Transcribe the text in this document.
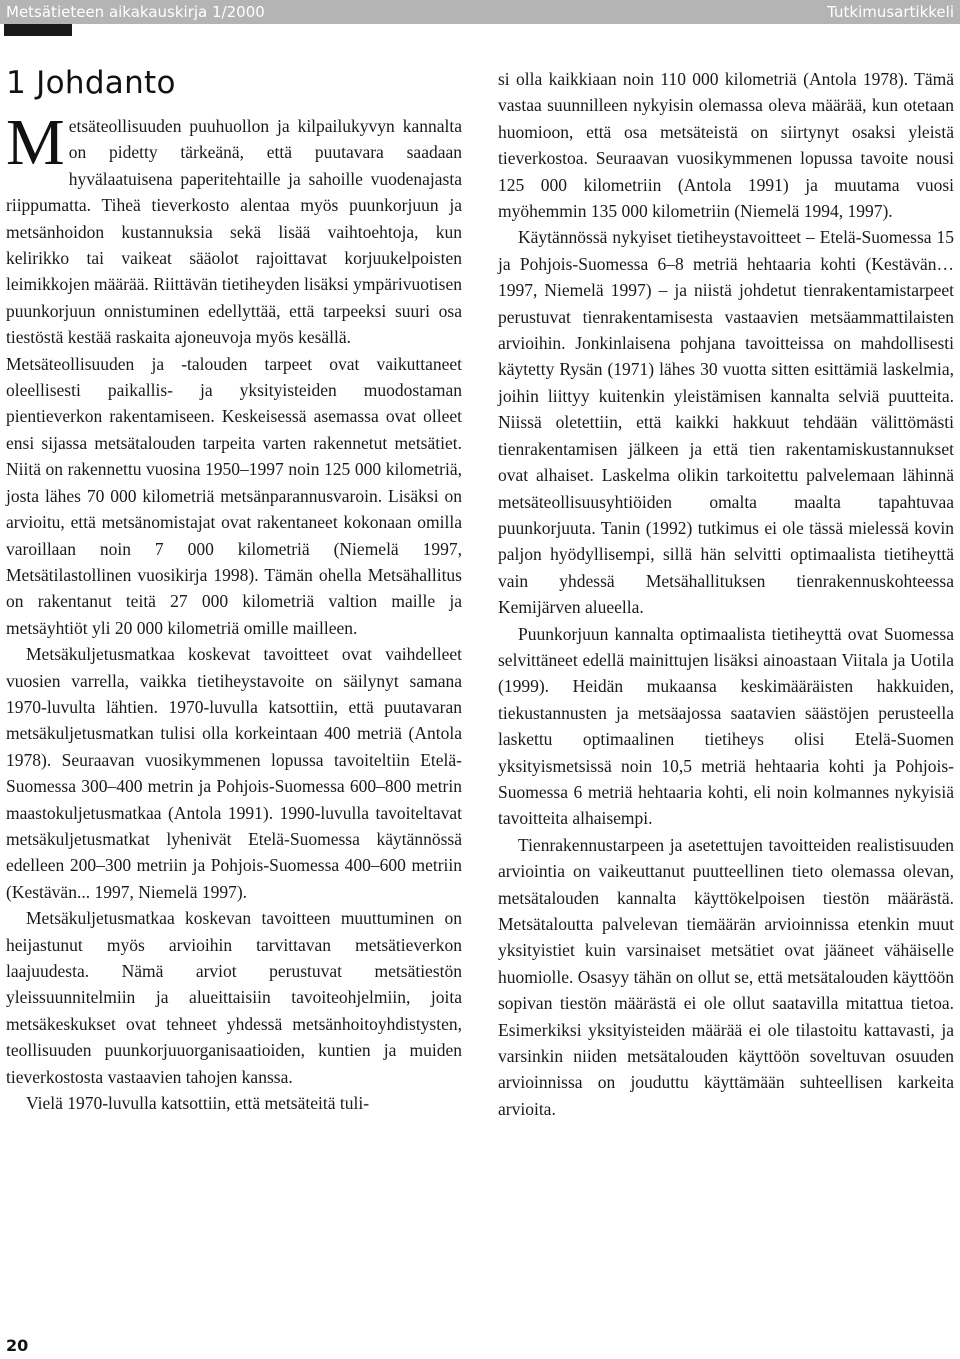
Metsätieteen aikakauskirja 1/2000	Tutkimusartikkeli
1 Johdanto

Metsäteollisuuden puuhuollon ja kilpailukyvyn kannalta on pidetty tärkeänä, että puutavara saadaan hyvälaatuisena paperitehtaille ja sahoille vuodenajasta riippumatta. Tiheä tieverkosto alentaa myös puunkorjuun ja metsänhoidon kustannuksia sekä lisää vaihtoehtoja, kun kelirikko tai vaikeat sääolot rajoittavat korjuukelpoisten leimikkojen määrää. Riittävän tietiheyden lisäksi ympärivuotisen puunkorjuun onnistuminen edellyttää, että tarpeeksi suuri osa tiestöstä kestää raskaita ajoneuvoja myös kesällä.

Metsäteollisuuden ja -talouden tarpeet ovat vaikuttaneet oleellisesti paikallis- ja yksityisteiden muodostaman pientieverkon rakentamiseen. Keskeisessä asemassa ovat olleet ensi sijassa metsätalouden tarpeita varten rakennetut metsätiet. Niitä on rakennettu vuosina 1950–1997 noin 125 000 kilometriä, josta lähes 70 000 kilometriä metsänparannusvaroin. Lisäksi on arvioitu, että metsänomistajat ovat rakentaneet kokonaan omilla varoillaan noin 7 000 kilometriä (Niemelä 1997, Metsätilastollinen vuosikirja 1998). Tämän ohella Metsähallitus on rakentanut teitä 27 000 kilometriä valtion maille ja metsäyhtiöt yli 20 000 kilometriä omille mailleen.

Metsäkuljetusmatkaa koskevat tavoitteet ovat vaihdelleet vuosien varrella, vaikka tietiheystavoite on säilynyt samana 1970-luvulta lähtien. 1970-luvulla katsottiin, että puutavaran metsäkuljetusmatkan tulisi olla korkeintaan 400 metriä (Antola 1978). Seuraavan vuosikymmenen lopussa tavoiteltiin Etelä-Suomessa 300–400 metrin ja Pohjois-Suomessa 600–800 metrin maastokuljetusmatkaa (Antola 1991). 1990-luvulla tavoiteltavat metsäkuljetusmatkat lyhenivät Etelä-Suomessa käytännössä edelleen 200–300 metriin ja Pohjois-Suomessa 400–600 metriin (Kestävän... 1997, Niemelä 1997).

Metsäkuljetusmatkaa koskevan tavoitteen muuttuminen on heijastunut myös arvioihin tarvittavan metsätieverkon laajuudesta. Nämä arviot perustuvat metsätiestön yleissuunnitelmiin ja alueittaisiin tavoiteohjelmiin, joita metsäkeskukset ovat tehneet yhdessä metsänhoitoyhdistysten, teollisuuden puunkorjuuorganisaatioiden, kuntien ja muiden tieverkostosta vastaavien tahojen kanssa.

Vielä 1970-luvulla katsottiin, että metsäteitä tuli-

si olla kaikkiaan noin 110 000 kilometriä (Antola 1978). Tämä vastaa suunnilleen nykyisin olemassa oleva määrää, kun otetaan huomioon, että osa metsäteistä on siirtynyt osaksi yleistä tieverkostoa. Seuraavan vuosikymmenen lopussa tavoite nousi 125 000 kilometriin (Antola 1991) ja muutama vuosi myöhemmin 135 000 kilometriin (Niemelä 1994, 1997).

Käytännössä nykyiset tietiheystavoitteet – Etelä-Suomessa 15 ja Pohjois-Suomessa 6–8 metriä hehtaaria kohti (Kestävän…1997, Niemelä 1997) – ja niistä johdetut tienrakentamistarpeet perustuvat tienrakentamisesta vastaavien metsäammattilaisten arvioihin. Jonkinlaisena pohjana tavoitteissa on mahdollisesti käytetty Rysän (1971) lähes 30 vuotta sitten esittämiä laskelmia, joihin liittyy kuitenkin yleistämisen kannalta selviä puutteita. Niissä oletettiin, että kaikki hakkuut tehdään välittömästi tienrakentamisen jälkeen ja että tien rakentamiskustannukset ovat alhaiset. Laskelma olikin tarkoitettu palvelemaan lähinnä metsäteollisuusyhtiöiden omalta maalta tapahtuvaa puunkorjuuta. Tanin (1992) tutkimus ei ole tässä mielessä kovin paljon hyödyllisempi, sillä hän selvitti optimaalista tietiheyttä vain yhdessä Metsähallituksen tienrakennuskohteessa Kemijärven alueella.

Puunkorjuun kannalta optimaalista tietiheyttä ovat Suomessa selvittäneet edellä mainittujen lisäksi ainoastaan Viitala ja Uotila (1999). Heidän mukaansa keskimääräisten hakkuiden, tiekustannusten ja metsäajossa saatavien säästöjen perusteella laskettu optimaalinen tietiheys olisi Etelä-Suomen yksityismetsissä noin 10,5 metriä hehtaaria kohti ja Pohjois-Suomessa 6 metriä hehtaaria kohti, eli noin kolmannes nykyisiä tavoitteita alhaisempi.

Tienrakennustarpeen ja asetettujen tavoitteiden realistisuuden arviointia on vaikeuttanut puutteellinen tieto olemassa olevan, metsätalouden kannalta käyttökelpoisen tiestön määrästä. Metsätaloutta palvelevan tiemäärän arvioinnissa etenkin muut yksityistiet kuin varsinaiset metsätiet ovat jääneet vähäiselle huomiolle. Osasyy tähän on ollut se, että metsätalouden käyttöön sopivan tiestön määrästä ei ole ollut saatavilla mitattua tietoa. Esimerkiksi yksityisteiden määrää ei ole tilastoitu kattavasti, ja varsinkin niiden metsätalouden käyttöön soveltuvan osuuden arvioinnissa on jouduttu käyttämään suhteellisen karkeita arvioita.

20
